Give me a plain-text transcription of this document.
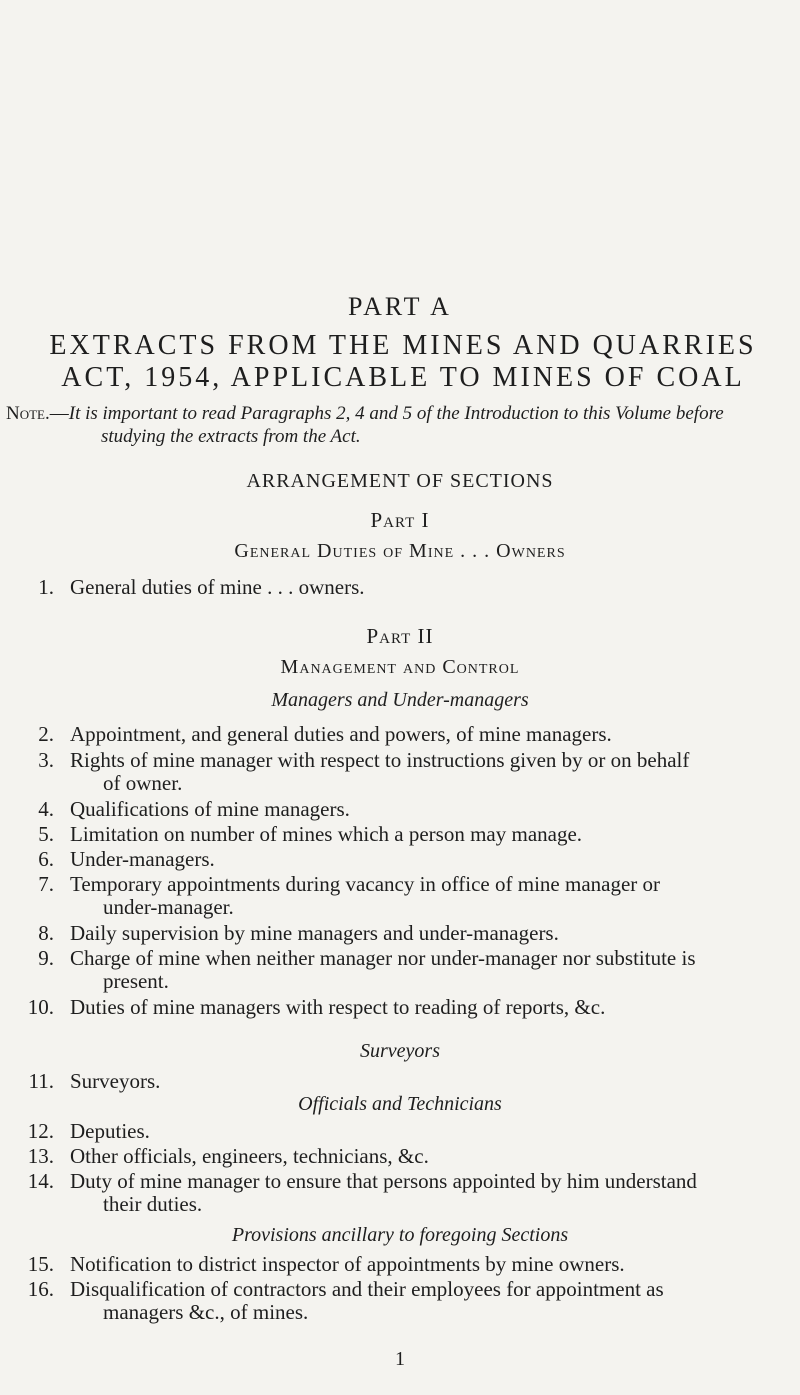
PART A
EXTRACTS FROM THE MINES AND QUARRIES
ACT, 1954, APPLICABLE TO MINES OF COAL
Note.—It is important to read Paragraphs 2, 4 and 5 of the Introduction to this Volume before
studying the extracts from the Act.
ARRANGEMENT OF SECTIONS
Part I
General Duties of Mine . . . Owners
1. General duties of mine . . . owners.
Part II
Management and Control
Managers and Under-managers
2. Appointment, and general duties and powers, of mine managers.
3. Rights of mine manager with respect to instructions given by or on behalf
of owner.
4. Qualifications of mine managers.
5. Limitation on number of mines which a person may manage.
6. Under-managers.
7. Temporary appointments during vacancy in office of mine manager or
under-manager.
8. Daily supervision by mine managers and under-managers.
9. Charge of mine when neither manager nor under-manager nor substitute is
present.
10. Duties of mine managers with respect to reading of reports, &c.
Surveyors
11. Surveyors.
Officials and Technicians
12. Deputies.
13. Other officials, engineers, technicians, &c.
14. Duty of mine manager to ensure that persons appointed by him understand
their duties.
Provisions ancillary to foregoing Sections
15. Notification to district inspector of appointments by mine owners.
16. Disqualification of contractors and their employees for appointment as
managers &c., of mines.
1
